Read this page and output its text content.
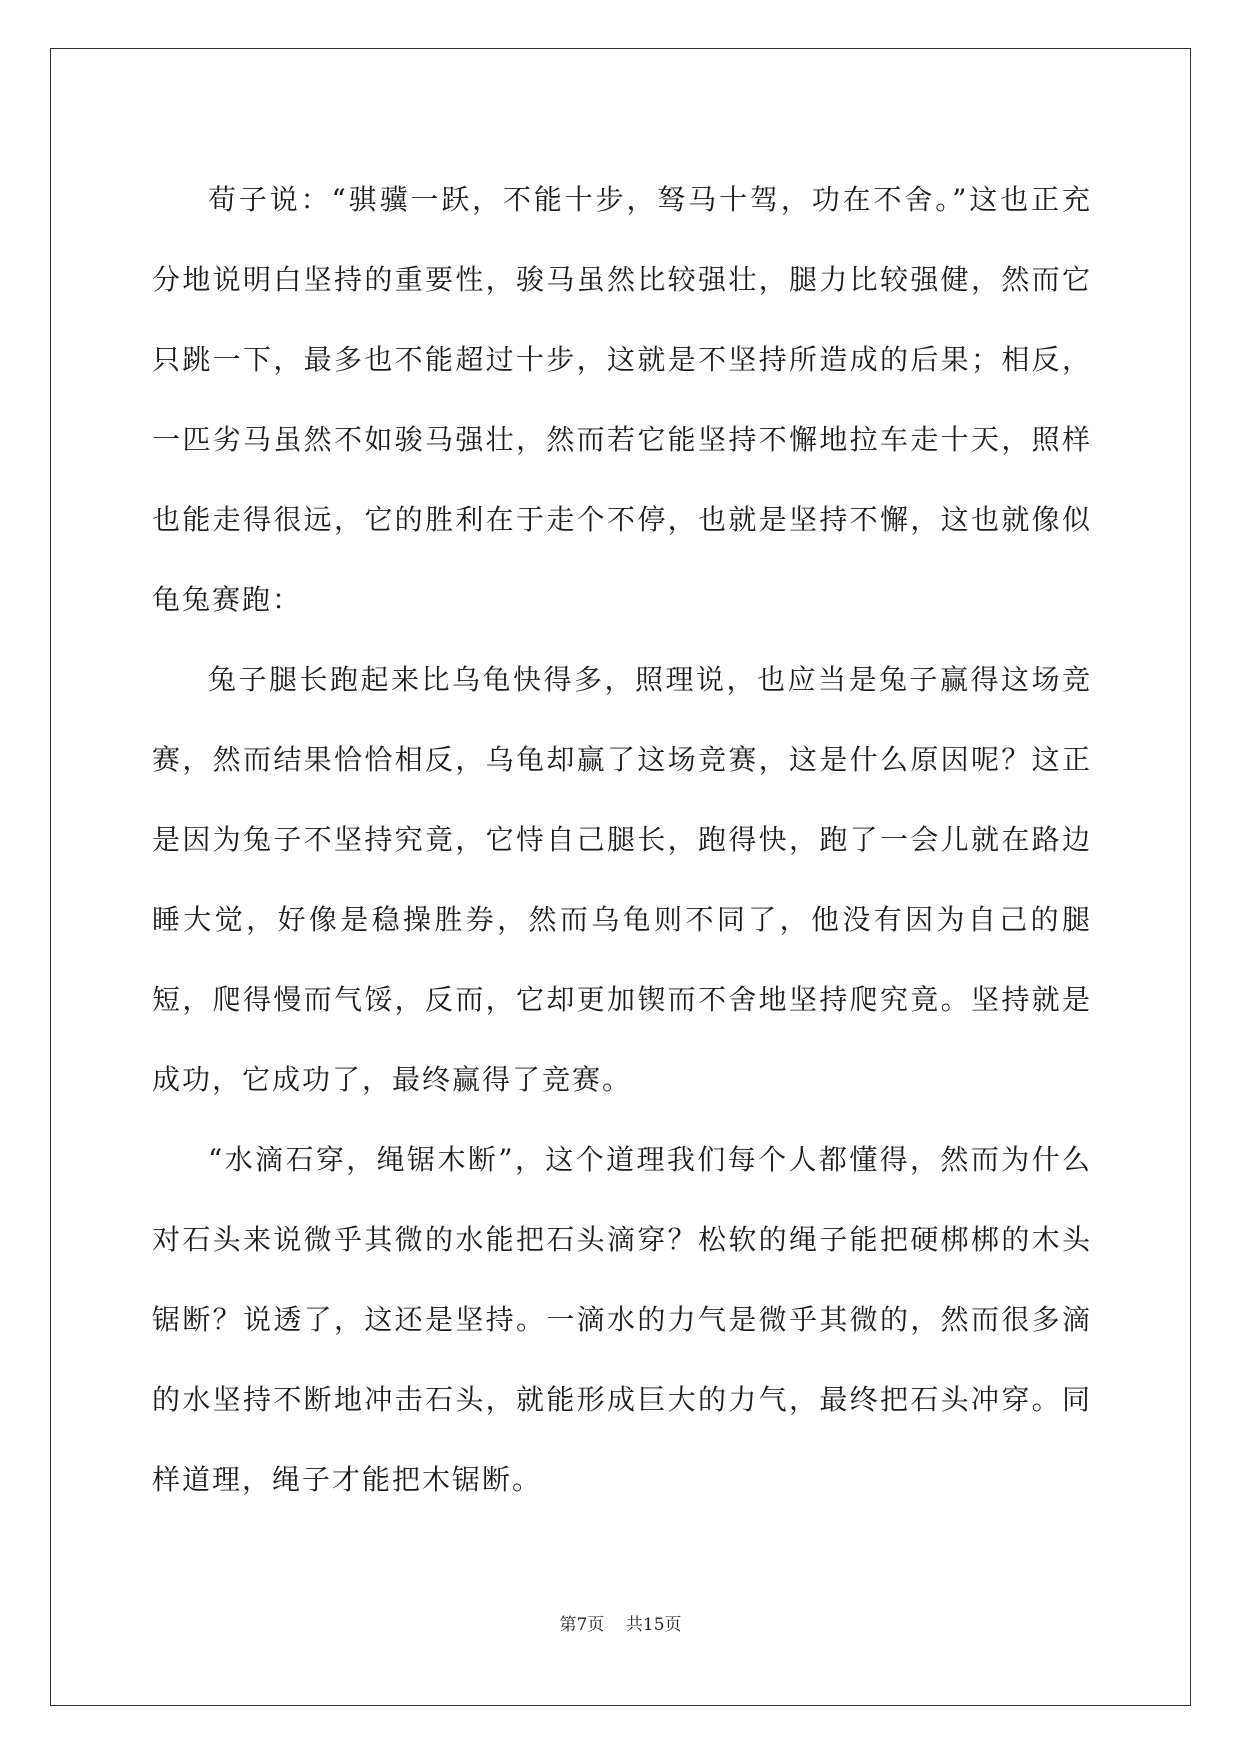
荀子说：“骐骥一跃，不能十步，驽马十驾，功在不舍。”这也正充分地说明白坚持的重要性，骏马虽然比较强壮，腿力比较强健，然而它只跳一下，最多也不能超过十步，这就是不坚持所造成的后果；相反，一匹劣马虽然不如骏马强壮，然而若它能坚持不懈地拉车走十天，照样也能走得很远，它的胜利在于走个不停，也就是坚持不懈，这也就像似龟兔赛跑：

兔子腿长跑起来比乌龟快得多，照理说，也应当是兔子赢得这场竞赛，然而结果恰恰相反，乌龟却赢了这场竞赛，这是什么原因呢？这正是因为兔子不坚持究竟，它恃自己腿长，跑得快，跑了一会儿就在路边睡大觉，好像是稳操胜券，然而乌龟则不同了，他没有因为自己的腿短，爬得慢而气馁，反而，它却更加锲而不舍地坚持爬究竟。坚持就是成功，它成功了，最终赢得了竞赛。

“水滴石穿，绳锯木断”，这个道理我们每个人都懂得，然而为什么对石头来说微乎其微的水能把石头滴穿？松软的绳子能把硬梆梆的木头锯断？说透了，这还是坚持。一滴水的力气是微乎其微的，然而很多滴的水坚持不断地冲击石头，就能形成巨大的力气，最终把石头冲穿。同样道理，绳子才能把木锯断。

第7页 共15页
